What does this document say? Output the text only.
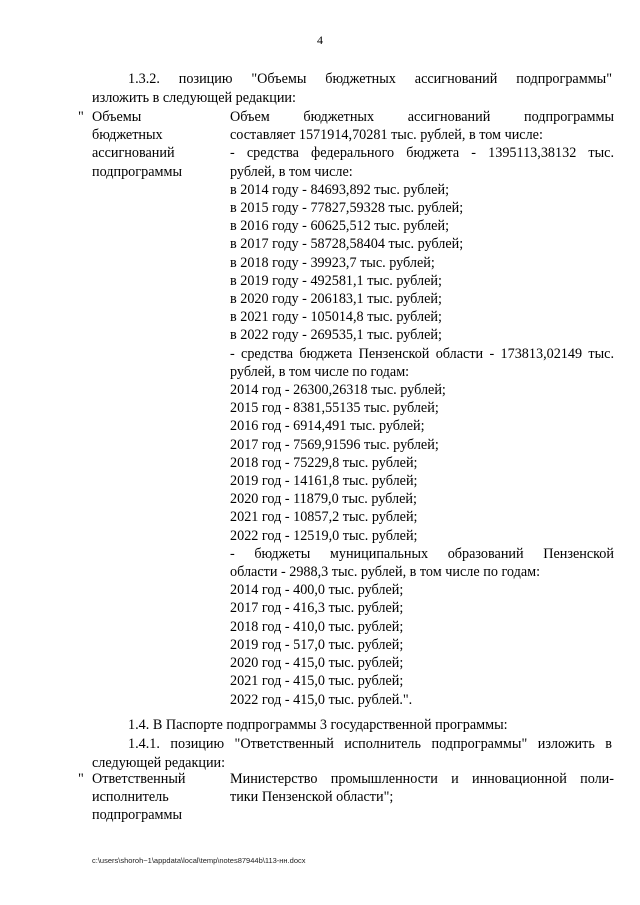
4
1.3.2. позицию "Объемы бюджетных ассигнований подпрограммы"
изложить в следующей редакции:
" Объемы
бюджетных
ассигнований
подпрограммы
Объем бюджетных ассигнований подпрограммы
составляет 1571914,70281 тыс. рублей, в том числе:
- средства федерального бюджета - 1395113,38132 тыс.
рублей, в том числе:
в 2014 году - 84693,892 тыс. рублей;
в 2015 году - 77827,59328 тыс. рублей;
в 2016 году - 60625,512 тыс. рублей;
в 2017 году - 58728,58404 тыс. рублей;
в 2018 году - 39923,7 тыс. рублей;
в 2019 году - 492581,1 тыс. рублей;
в 2020 году - 206183,1 тыс. рублей;
в 2021 году - 105014,8 тыс. рублей;
в 2022 году - 269535,1 тыс. рублей;
- средства бюджета Пензенской области - 173813,02149 тыс.
рублей, в том числе по годам:
2014 год - 26300,26318 тыс. рублей;
2015 год - 8381,55135 тыс. рублей;
2016 год - 6914,491 тыс. рублей;
2017 год - 7569,91596 тыс. рублей;
2018 год - 75229,8 тыс. рублей;
2019 год - 14161,8 тыс. рублей;
2020 год - 11879,0 тыс. рублей;
2021 год - 10857,2 тыс. рублей;
2022 год - 12519,0 тыс. рублей;
- бюджеты муниципальных образований Пензенской
области - 2988,3 тыс. рублей, в том числе по годам:
2014 год - 400,0 тыс. рублей;
2017 год - 416,3 тыс. рублей;
2018 год - 410,0 тыс. рублей;
2019 год - 517,0 тыс. рублей;
2020 год - 415,0 тыс. рублей;
2021 год - 415,0 тыс. рублей;
2022 год - 415,0 тыс. рублей.".
1.4. В Паспорте подпрограммы 3 государственной программы:
1.4.1. позицию "Ответственный исполнитель подпрограммы" изложить в
следующей редакции:
" Ответственный
исполнитель
подпрограммы
Министерство промышленности и инновационной поли-
тики Пензенской области";
c:\users\shoroh~1\appdata\local\temp\notes87944b\113-нн.docx
